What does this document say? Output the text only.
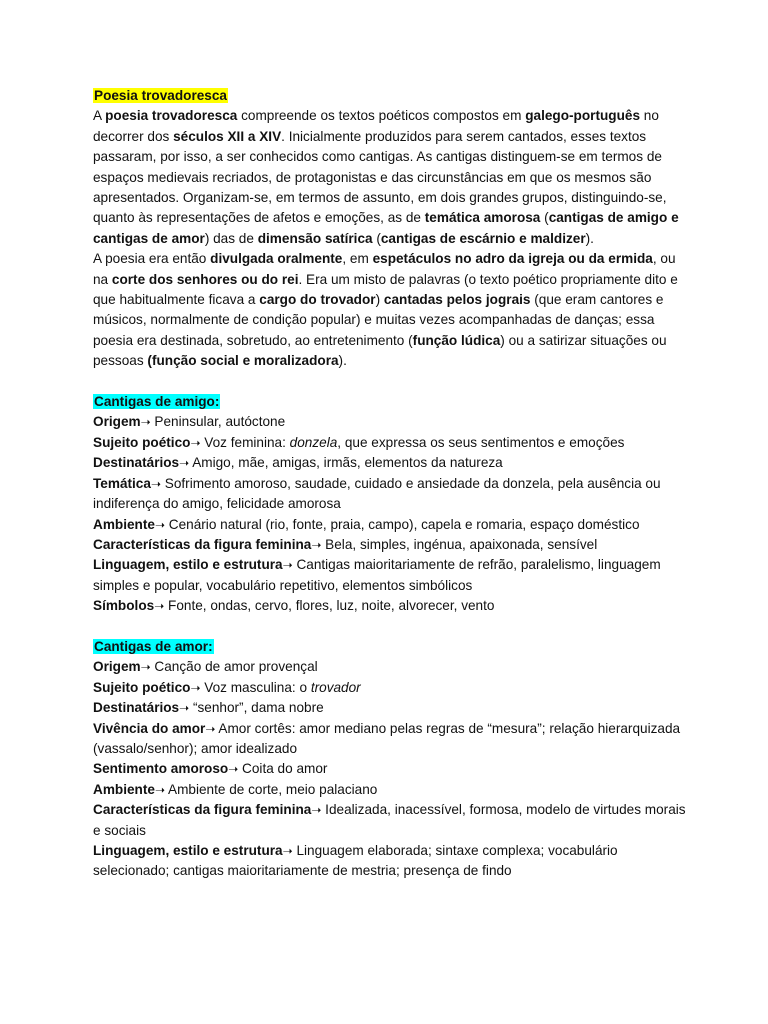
Poesia trovadoresca

A poesia trovadoresca compreende os textos poéticos compostos em galego-português no decorrer dos séculos XII a XIV. Inicialmente produzidos para serem cantados, esses textos passaram, por isso, a ser conhecidos como cantigas. As cantigas distinguem-se em termos de espaços medievais recriados, de protagonistas e das circunstâncias em que os mesmos são apresentados. Organizam-se, em termos de assunto, em dois grandes grupos, distinguindo-se, quanto às representações de afetos e emoções, as de temática amorosa (cantigas de amigo e cantigas de amor) das de dimensão satírica (cantigas de escárnio e maldizer).

A poesia era então divulgada oralmente, em espetáculos no adro da igreja ou da ermida, ou na corte dos senhores ou do rei. Era um misto de palavras (o texto poético propriamente dito e que habitualmente ficava a cargo do trovador) cantadas pelos jograis (que eram cantores e músicos, normalmente de condição popular) e muitas vezes acompanhadas de danças; essa poesia era destinada, sobretudo, ao entretenimento (função lúdica) ou a satirizar situações ou pessoas (função social e moralizadora).

Cantigas de amigo:

Origem➝ Peninsular, autóctone

Sujeito poético➝ Voz feminina: donzela, que expressa os seus sentimentos e emoções

Destinatários➝ Amigo, mãe, amigas, irmãs, elementos da natureza

Temática➝ Sofrimento amoroso, saudade, cuidado e ansiedade da donzela, pela ausência ou indiferença do amigo, felicidade amorosa

Ambiente➝ Cenário natural (rio, fonte, praia, campo), capela e romaria, espaço doméstico

Características da figura feminina➝ Bela, simples, ingénua, apaixonada, sensível

Linguagem, estilo e estrutura➝ Cantigas maioritariamente de refrão, paralelismo, linguagem simples e popular, vocabulário repetitivo, elementos simbólicos

Símbolos➝ Fonte, ondas, cervo, flores, luz, noite, alvorecer, vento

Cantigas de amor:

Origem➝ Canção de amor provençal

Sujeito poético➝ Voz masculina: o trovador

Destinatários➝ “senhor”, dama nobre

Vivência do amor➝ Amor cortês: amor mediano pelas regras de “mesura”; relação hierarquizada (vassalo/senhor); amor idealizado

Sentimento amoroso➝ Coita do amor

Ambiente➝ Ambiente de corte, meio palaciano

Características da figura feminina➝ Idealizada, inacessível, formosa, modelo de virtudes morais e sociais

Linguagem, estilo e estrutura➝ Linguagem elaborada; sintaxe complexa; vocabulário selecionado; cantigas maioritariamente de mestria; presença de findo
